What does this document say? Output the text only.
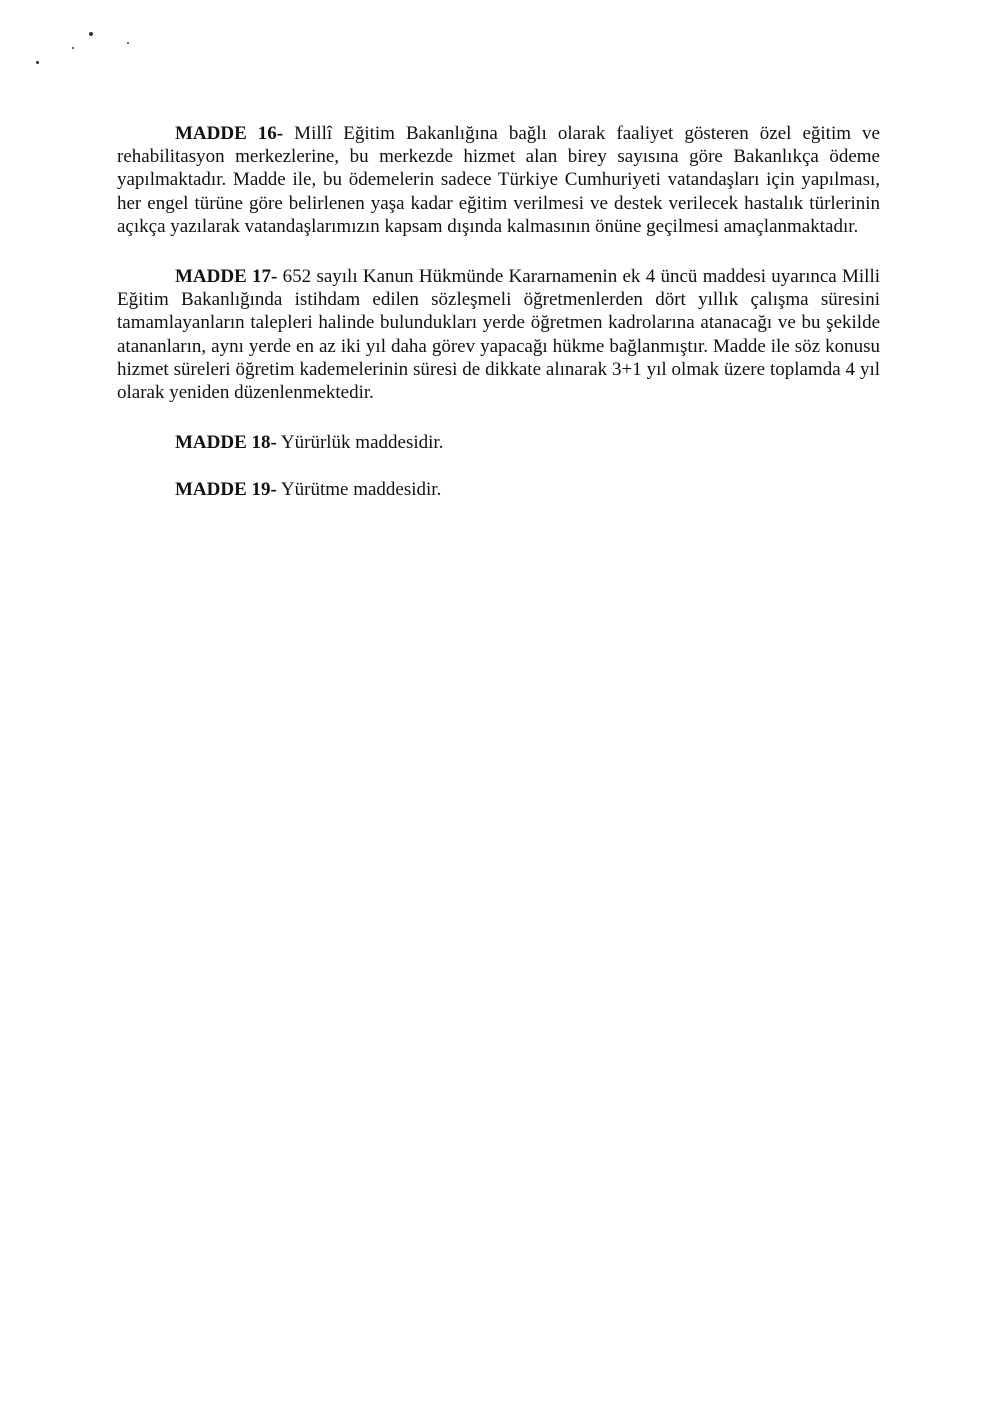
MADDE 16- Millî Eğitim Bakanlığına bağlı olarak faaliyet gösteren özel eğitim ve rehabilitasyon merkezlerine, bu merkezde hizmet alan birey sayısına göre Bakanlıkça ödeme yapılmaktadır. Madde ile, bu ödemelerin sadece Türkiye Cumhuriyeti vatandaşları için yapılması, her engel türüne göre belirlenen yaşa kadar eğitim verilmesi ve destek verilecek hastalık türlerinin açıkça yazılarak vatandaşlarımızın kapsam dışında kalmasının önüne geçilmesi amaçlanmaktadır.

MADDE 17- 652 sayılı Kanun Hükmünde Kararnamenin ek 4 üncü maddesi uyarınca Milli Eğitim Bakanlığında istihdam edilen sözleşmeli öğretmenlerden dört yıllık çalışma süresini tamamlayanların talepleri halinde bulundukları yerde öğretmen kadrolarına atanacağı ve bu şekilde atananların, aynı yerde en az iki yıl daha görev yapacağı hükme bağlanmıştır. Madde ile söz konusu hizmet süreleri öğretim kademelerinin süresi de dikkate alınarak 3+1 yıl olmak üzere toplamda 4 yıl olarak yeniden düzenlenmektedir.

MADDE 18- Yürürlük maddesidir.

MADDE 19- Yürütme maddesidir.
